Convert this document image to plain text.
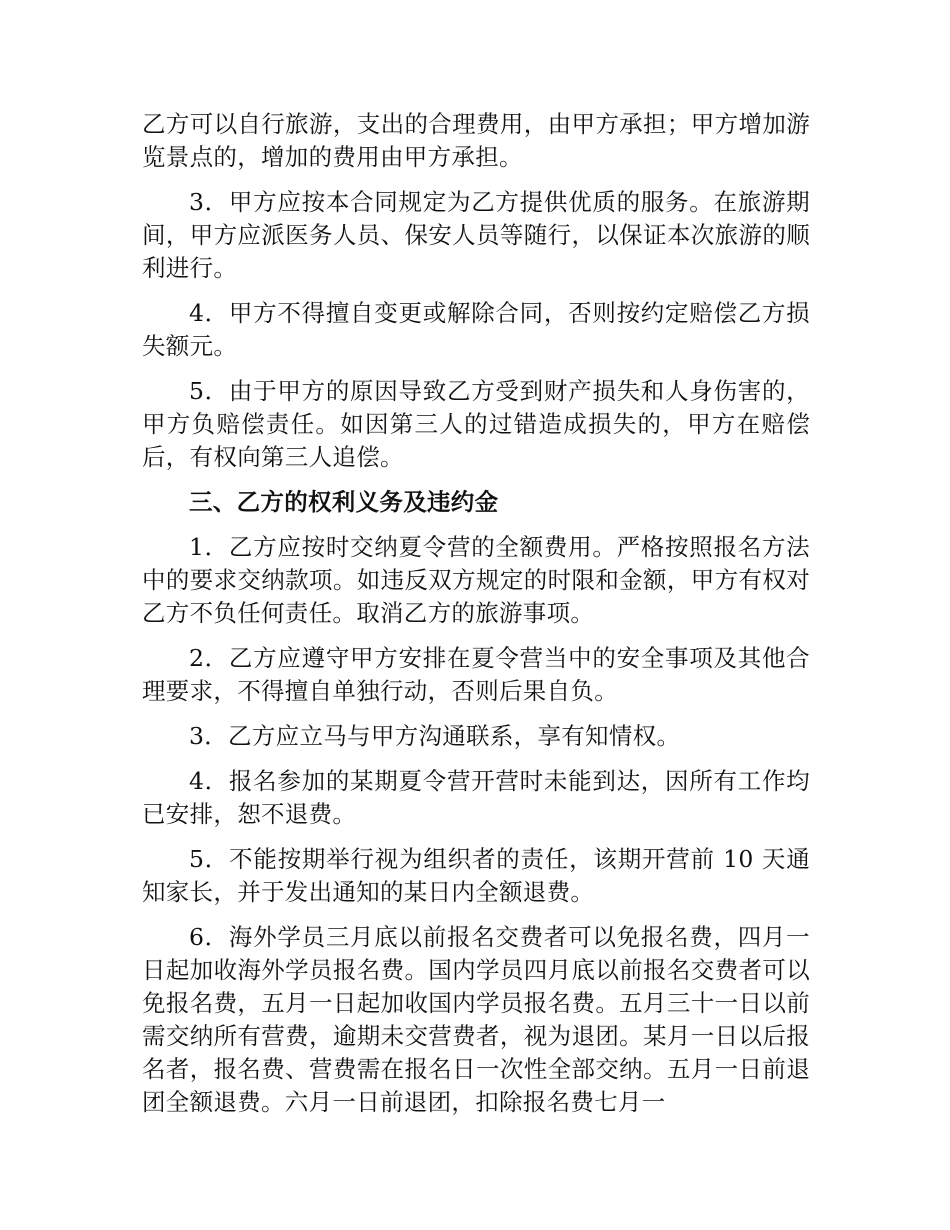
乙方可以自行旅游，支出的合理费用，由甲方承担；甲方增加游览景点的，增加的费用由甲方承担。

3．甲方应按本合同规定为乙方提供优质的服务。在旅游期间，甲方应派医务人员、保安人员等随行，以保证本次旅游的顺利进行。

4．甲方不得擅自变更或解除合同，否则按约定赔偿乙方损失额元。

5．由于甲方的原因导致乙方受到财产损失和人身伤害的，甲方负赔偿责任。如因第三人的过错造成损失的，甲方在赔偿后，有权向第三人追偿。

三、乙方的权利义务及违约金

1．乙方应按时交纳夏令营的全额费用。严格按照报名方法中的要求交纳款项。如违反双方规定的时限和金额，甲方有权对乙方不负任何责任。取消乙方的旅游事项。

2．乙方应遵守甲方安排在夏令营当中的安全事项及其他合理要求，不得擅自单独行动，否则后果自负。

3．乙方应立马与甲方沟通联系，享有知情权。

4．报名参加的某期夏令营开营时未能到达，因所有工作均已安排，恕不退费。

5．不能按期举行视为组织者的责任，该期开营前 10 天通知家长，并于发出通知的某日内全额退费。

6．海外学员三月底以前报名交费者可以免报名费，四月一日起加收海外学员报名费。国内学员四月底以前报名交费者可以免报名费，五月一日起加收国内学员报名费。五月三十一日以前需交纳所有营费，逾期未交营费者，视为退团。某月一日以后报名者，报名费、营费需在报名日一次性全部交纳。五月一日前退团全额退费。六月一日前退团，扣除报名费七月一
